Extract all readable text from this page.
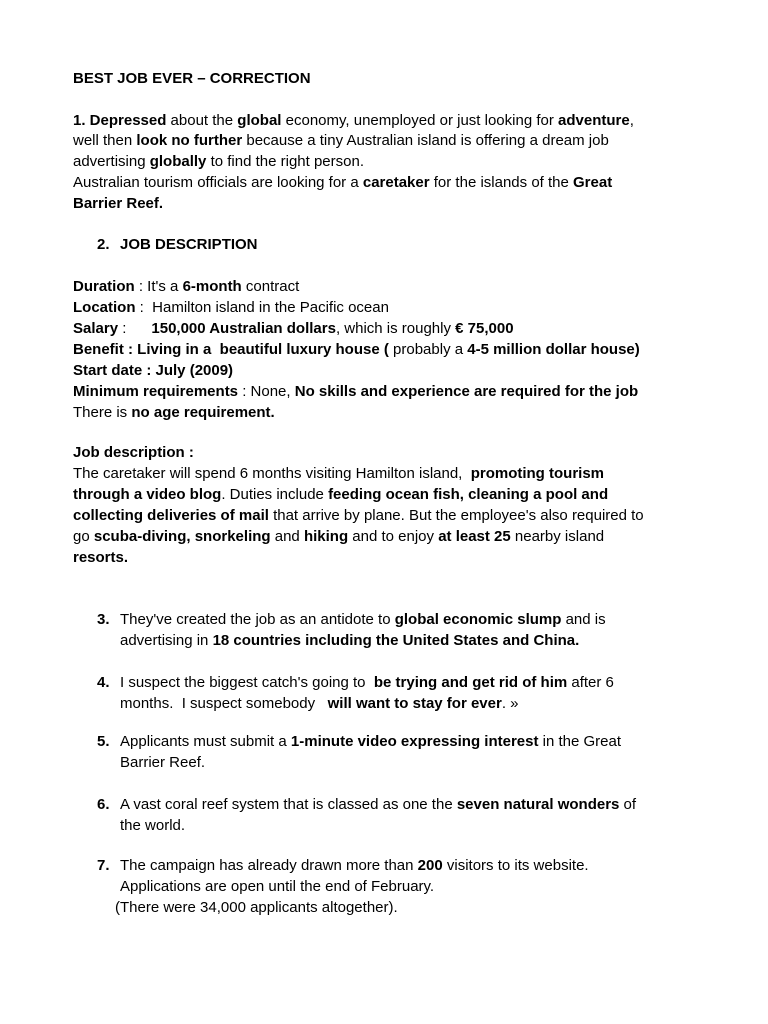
BEST JOB EVER – CORRECTION
1. Depressed about the global economy, unemployed or just looking for adventure,
well then look no further because a tiny Australian island is offering a dream job
advertising globally to find the right person.
Australian tourism officials are looking for a caretaker for the islands of the Great
Barrier Reef.
2. JOB DESCRIPTION
Duration : It's a 6-month contract
Location :  Hamilton island in the Pacific ocean
Salary :      150,000 Australian dollars, which is roughly € 75,000
Benefit : Living in a  beautiful luxury house ( probably a 4-5 million dollar house)
Start date : July (2009)
Minimum requirements : None, No skills and experience are required for the job
There is no age requirement.
Job description :
The caretaker will spend 6 months visiting Hamilton island,  promoting tourism
through a video blog. Duties include feeding ocean fish, cleaning a pool and
collecting deliveries of mail that arrive by plane. But the employee's also required to
go scuba-diving, snorkeling and hiking and to enjoy at least 25 nearby island
resorts.
3. They've created the job as an antidote to global economic slump and is
advertising in 18 countries including the United States and China.
4. I suspect the biggest catch's going to  be trying and get rid of him after 6
months.  I suspect somebody   will want to stay for ever. »
5. Applicants must submit a 1-minute video expressing interest in the Great
Barrier Reef.
6. A vast coral reef system that is classed as one the seven natural wonders of
the world.
7. The campaign has already drawn more than 200 visitors to its website.
Applications are open until the end of February.
(There were 34,000 applicants altogether).
